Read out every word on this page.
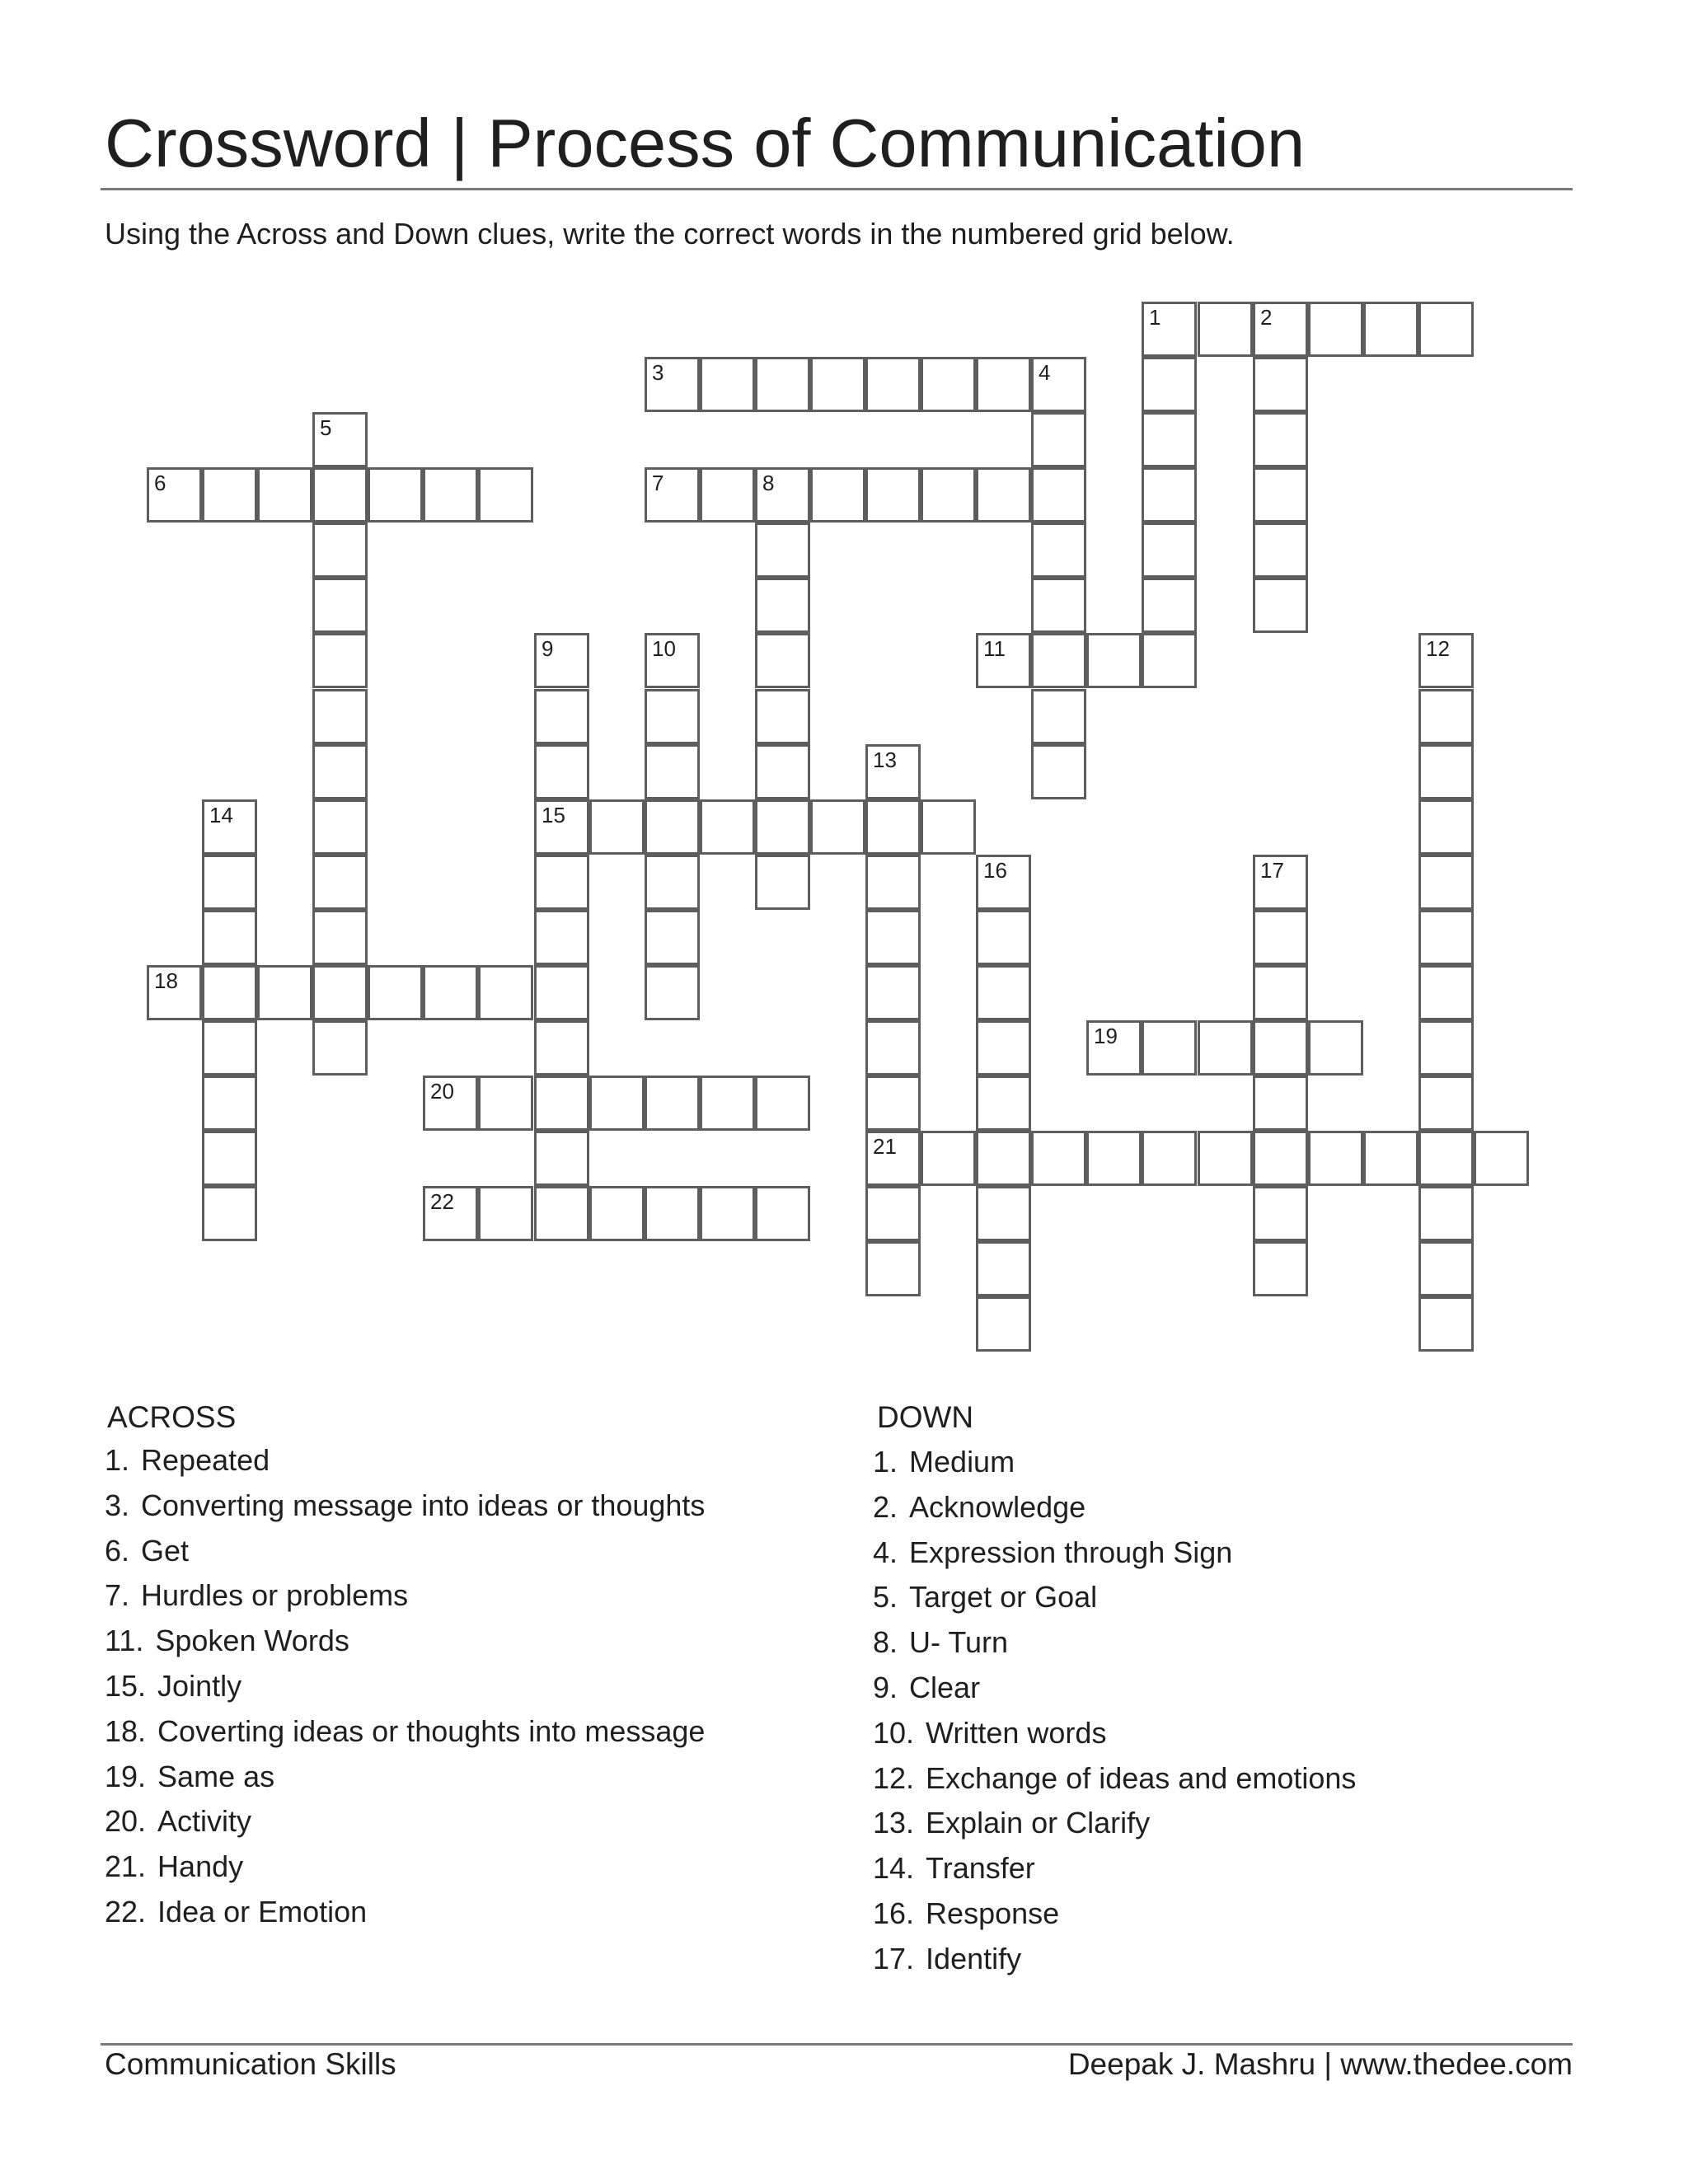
Crossword | Process of Communication
Using the Across and Down clues, write the correct words in the numbered grid below.
1	2
3	4
5
6	7	8
9
15
10	11	12
13
21
14
16	17
18
19
20
22
ACROSS
1. Repeated
3. Converting message into ideas or thoughts
6. Get
7. Hurdles or problems
11. Spoken Words
15. Jointly
18. Coverting ideas or thoughts into message
19. Same as
20. Activity
21. Handy
22. Idea or Emotion
DOWN
1. Medium
2. Acknowledge
4. Expression through Sign
5. Target or Goal
8. U- Turn
9. Clear
10. Written words
12. Exchange of ideas and emotions
13. Explain or Clarify
14. Transfer
16. Response
17. Identify
Communication Skills	Deepak J. Mashru | www.thedee.com
